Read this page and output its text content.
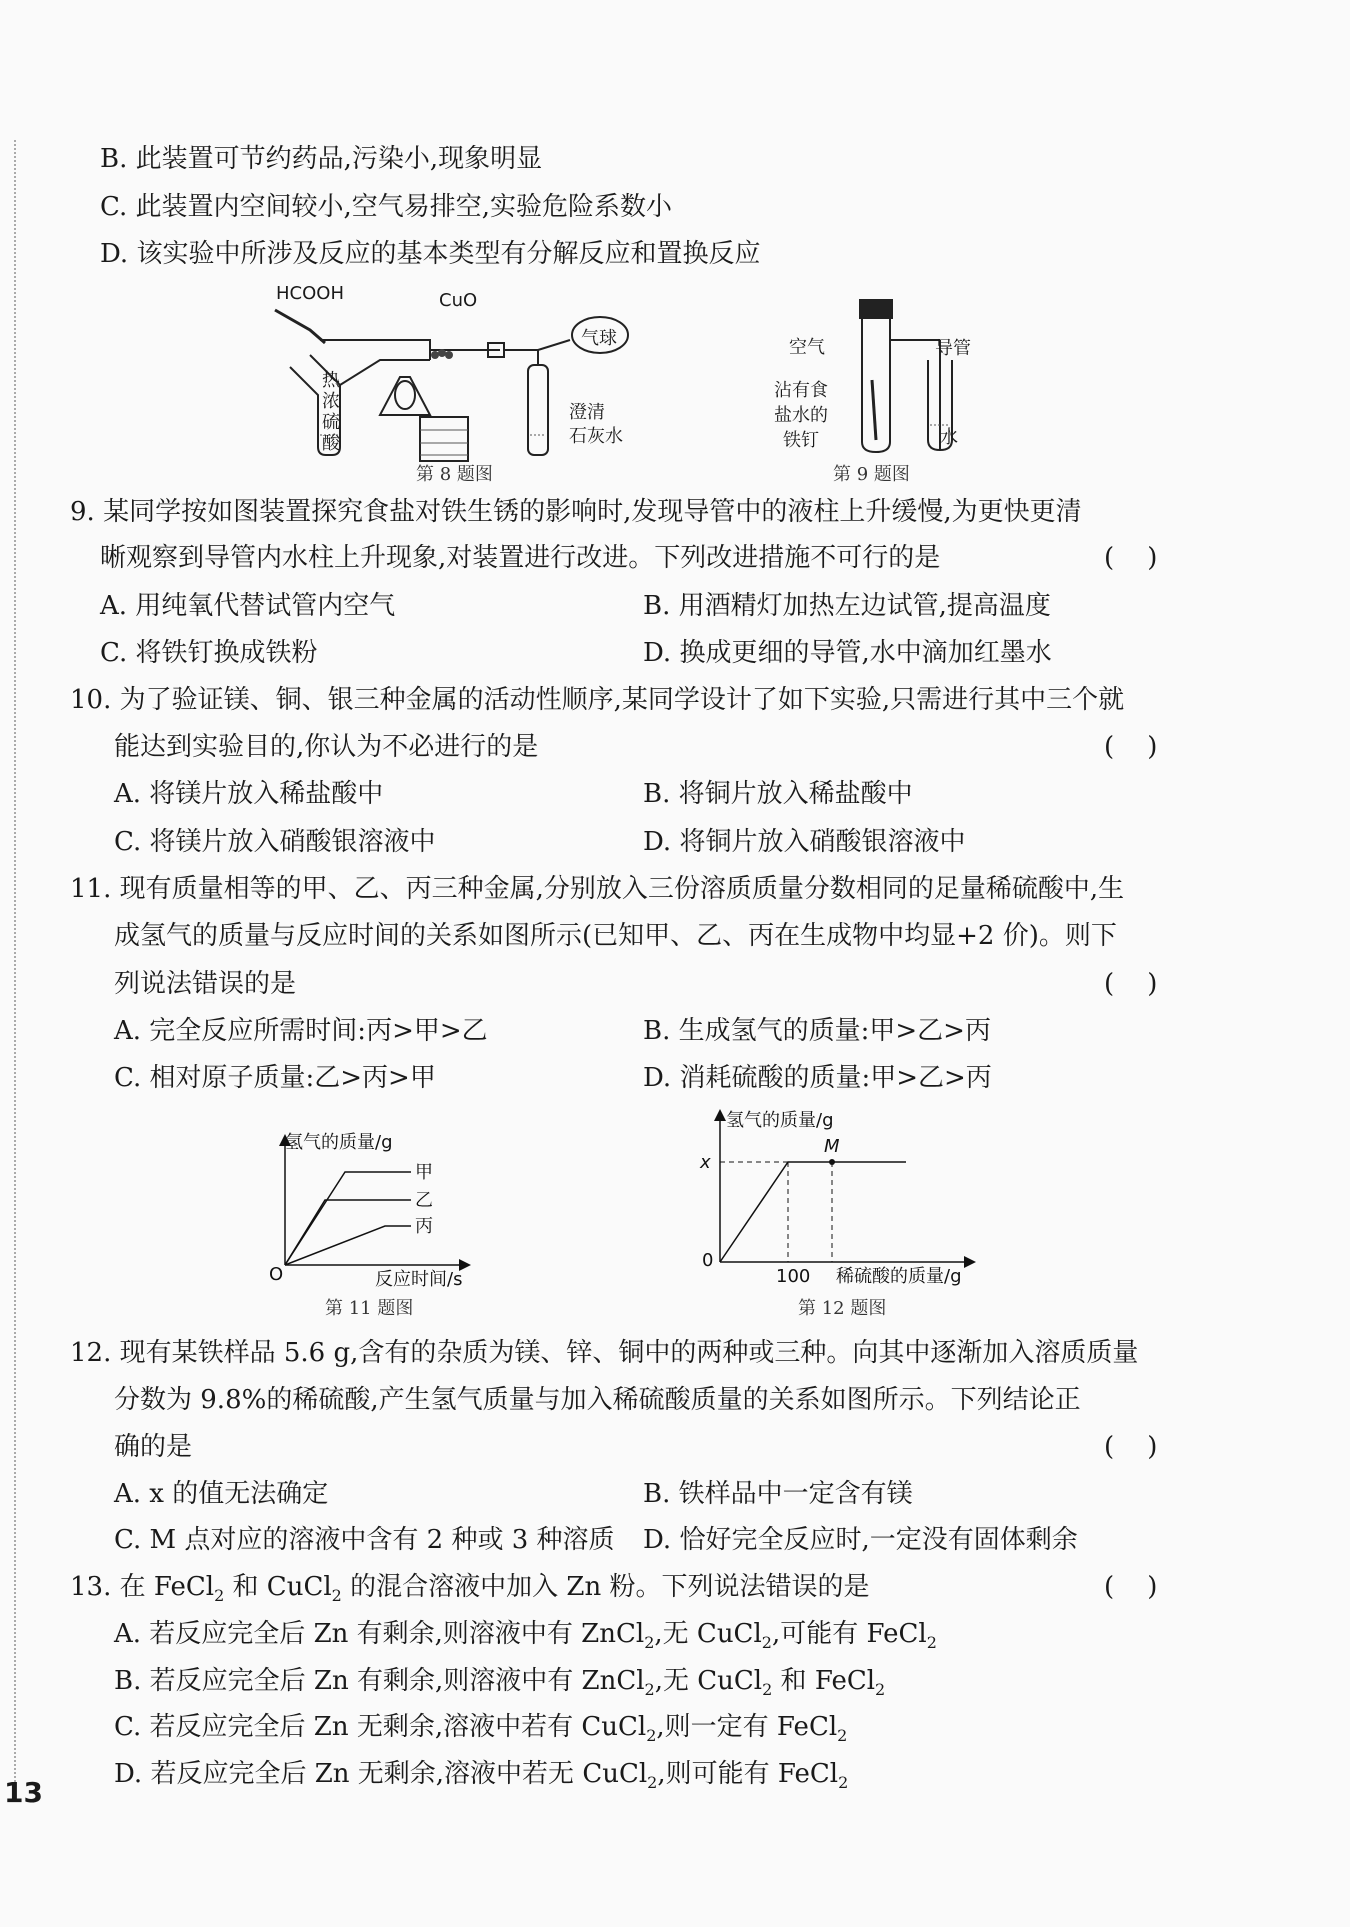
B. 此装置可节约药品,污染小,现象明显
C. 此装置内空间较小,空气易排空,实验危险系数小
D. 该实验中所涉及反应的基本类型有分解反应和置换反应
HCOOH	CuO
气球
热
浓
硫
酸
澄清
石灰水
第 8 题图
空气	导管
沾有食
盐水的
铁钉	水
第 9 题图
9. 某同学按如图装置探究食盐对铁生锈的影响时,发现导管中的液柱上升缓慢,为更快更清
晰观察到导管内水柱上升现象,对装置进行改进。下列改进措施不可行的是	(    )
A. 用纯氧代替试管内空气	B. 用酒精灯加热左边试管,提高温度
C. 将铁钉换成铁粉	D. 换成更细的导管,水中滴加红墨水
10. 为了验证镁、铜、银三种金属的活动性顺序,某同学设计了如下实验,只需进行其中三个就
能达到实验目的,你认为不必进行的是	(    )
A. 将镁片放入稀盐酸中	B. 将铜片放入稀盐酸中
C. 将镁片放入硝酸银溶液中	D. 将铜片放入硝酸银溶液中
11. 现有质量相等的甲、乙、丙三种金属,分别放入三份溶质质量分数相同的足量稀硫酸中,生
成氢气的质量与反应时间的关系如图所示(已知甲、乙、丙在生成物中均显+2 价)。则下
列说法错误的是	(    )
A. 完全反应所需时间:丙>甲>乙	B. 生成氢气的质量:甲>乙>丙
C. 相对原子质量:乙>丙>甲	D. 消耗硫酸的质量:甲>乙>丙
氢气的质量/g
甲
乙
丙
O	反应时间/s
第 11 题图
氢气的质量/g
x
M
0
100 稀硫酸的质量/g
第 12 题图
12. 现有某铁样品 5.6 g,含有的杂质为镁、锌、铜中的两种或三种。向其中逐渐加入溶质质量
分数为 9.8%的稀硫酸,产生氢气质量与加入稀硫酸质量的关系如图所示。下列结论正
确的是	(    )
A. x 的值无法确定	B. 铁样品中一定含有镁
C. M 点对应的溶液中含有 2 种或 3 种溶质 D. 恰好完全反应时,一定没有固体剩余
13. 在 FeCl$_2$ 和 CuCl$_2$ 的混合溶液中加入 Zn 粉。下列说法错误的是	(    )
A. 若反应完全后 Zn 有剩余,则溶液中有 ZnCl$_2$,无 CuCl$_2$,可能有 FeCl$_2$
B. 若反应完全后 Zn 有剩余,则溶液中有 ZnCl$_2$,无 CuCl$_2$ 和 FeCl$_2$
C. 若反应完全后 Zn 无剩余,溶液中若有 CuCl$_2$,则一定有 FeCl$_2$
D. 若反应完全后 Zn 无剩余,溶液中若无 CuCl$_2$,则可能有 FeCl$_2$
13
